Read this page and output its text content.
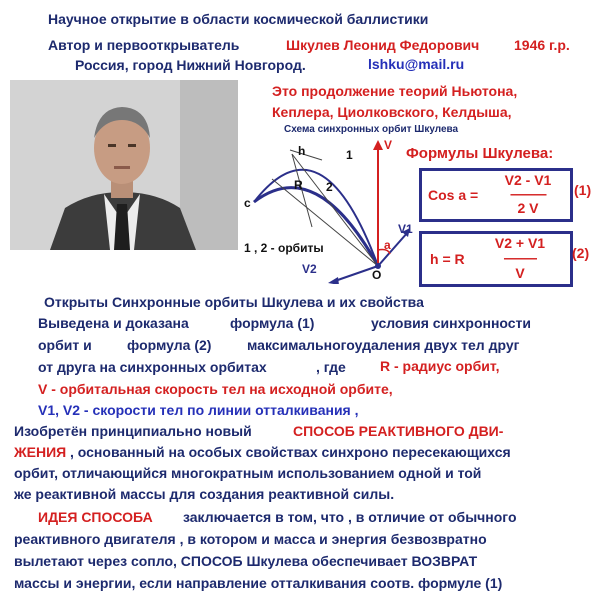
Научное открытие в области космической баллистики
Автор и первооткрыватель	Шкулев Леонид Федорович 1946 г.р.
Россия, город Нижний Новгород.	lshku@mail.ru
Это продолжение теорий Ньютона,
Кеплера, Циолковского, Келдыша,
Схема синхронных орбит Шкулева
h	1
R 2
с
V
a
V1
V2	O
1 , 2 - орбиты
Формулы Шкулева:
Cos a =
V2 - V1
------------
2 V
(1)
h = R
V2 + V1
-----------
V
(2)
Открыты Синхронные орбиты Шкулева и их свойства
Выведена и доказана	формула (1)	условия синхронности
орбит и	формула (2)	максимальногоудаления двух тел друг
от друга на синхронных орбитах	, где R - радиус орбит,
V - орбитальная скорость тел на исходной орбите,
V1, V2 - скорости тел по линии отталкивания ,
Изобретён принципиально новый	СПОСОБ РЕАКТИВНОГО ДВИ-
ЖЕНИЯ , основанный на особых свойствах синхроно пересекающихся
орбит, отличающийся многократным использованием одной и той
же реактивной массы для создания реактивной силы.
ИДЕЯ СПОСОБА заключается в том, что , в отличие от обычного
реактивного двигателя , в котором и масса и энергия безвозвратно
вылетают через сопло, СПОСОБ Шкулева обеспечивает ВОЗВРАТ
массы и энергии, если направление отталкивания соотв. формуле (1)
